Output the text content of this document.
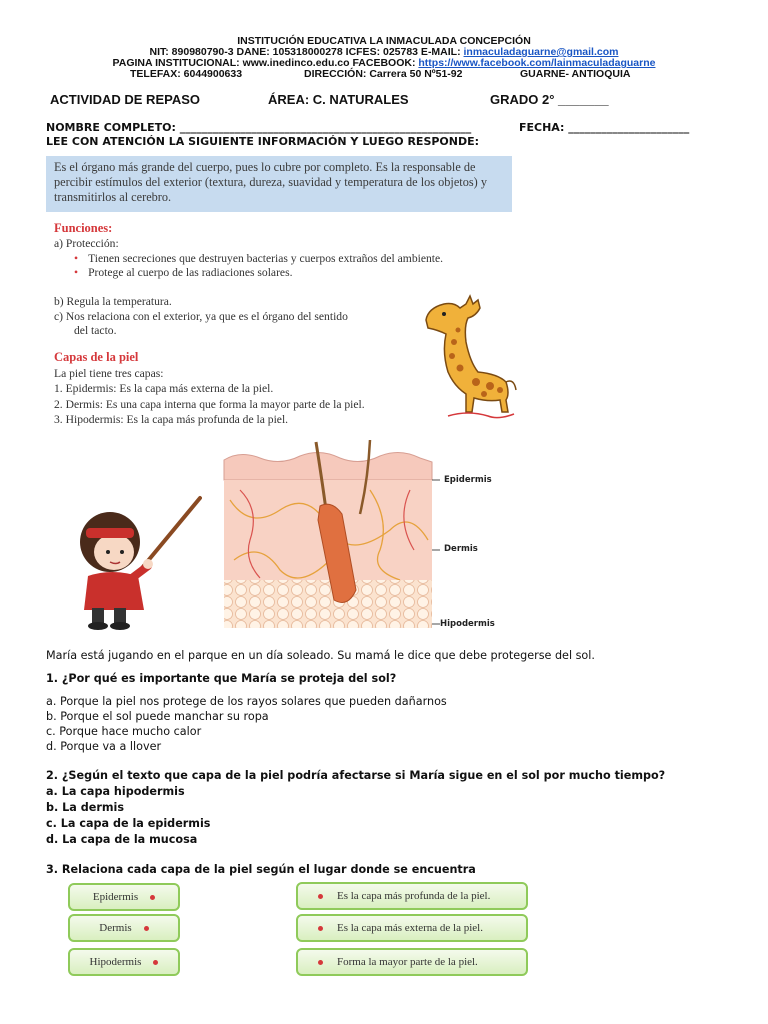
INSTITUCIÓN EDUCATIVA LA INMACULADA CONCEPCIÓN
NIT: 890980790-3 DANE: 105318000278 ICFES: 025783 E-MAIL: inmaculadaguarne@gmail.com
PAGINA INSTITUCIONAL: www.inedinco.edu.co FACEBOOK: https://www.facebook.com/lainmaculadaguarne
TELEFAX: 6044900633	DIRECCIÓN: Carrera 50 Nº51-92	GUARNE- ANTIOQUIA
ACTIVIDAD DE REPASO	ÁREA: C. NATURALES	GRADO 2° _______
NOMBRE COMPLETO: _____________________________________________________	FECHA: ______________________
LEE CON ATENCIÓN LA SIGUIENTE INFORMACIÓN Y LUEGO RESPONDE:
Es el órgano más grande del cuerpo, pues lo cubre por completo. Es la responsable de percibir estímulos del exterior (textura, dureza, suavidad y temperatura de los objetos) y transmitirlos al cerebro.
Funciones:
a) Protección:
• Tienen secreciones que destruyen bacterias y cuerpos extraños del ambiente.
• Protege al cuerpo de las radiaciones solares.
b) Regula la temperatura.
c) Nos relaciona con el exterior, ya que es el órgano del sentido
del tacto.
Capas de la piel
La piel tiene tres capas:
1. Epidermis: Es la capa más externa de la piel.
2. Dermis: Es una capa interna que forma la mayor parte de la piel.
3. Hipodermis: Es la capa más profunda de la piel.
Epidermis
Dermis
Hipodermis
María está jugando en el parque en un día soleado. Su mamá le dice que debe protegerse del sol.
1. ¿Por qué es importante que María se proteja del sol?
a. Porque la piel nos protege de los rayos solares que pueden dañarnos
b. Porque el sol puede manchar su ropa
c. Porque hace mucho calor
d. Porque va a llover
2. ¿Según el texto que capa de la piel podría afectarse si María sigue en el sol por mucho tiempo?
a. La capa hipodermis
b. La dermis
c. La capa de la epidermis
d. La capa de la mucosa
3. Relaciona cada capa de la piel según el lugar donde se encuentra
Epidermis
Dermis
Hipodermis
Es la capa más profunda de la piel.
Es la capa más externa de la piel.
Forma la mayor parte de la piel.
